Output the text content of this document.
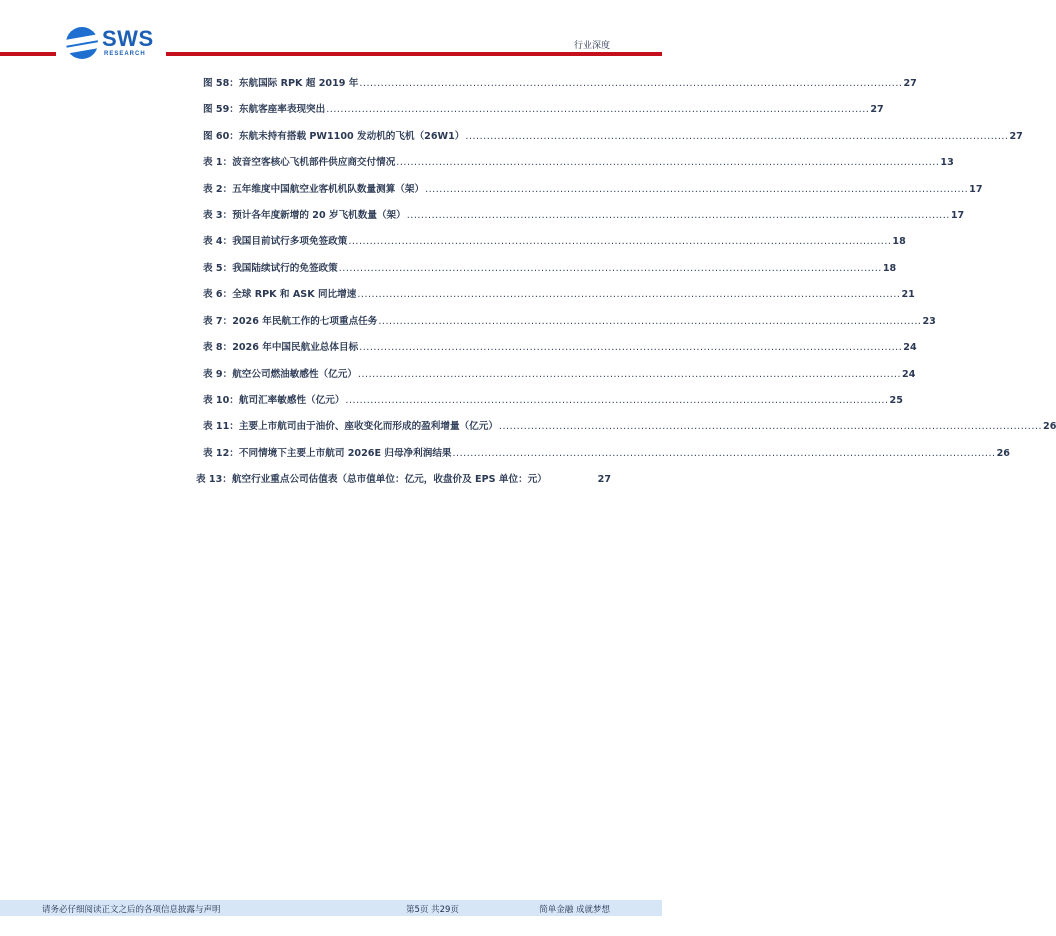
SWS
RESEARCH
行业深度
图 58：东航国际 RPK 超 2019 年 ......................................................................................................................................................... 27
图 59：东航客座率表现突出 ......................................................................................................................................................... 27
图 60：东航未持有搭载 PW1100 发动机的飞机（26W1） ......................................................................................................................................................... 27
表 1：波音空客核心飞机部件供应商交付情况 ......................................................................................................................................................... 13
表 2：五年维度中国航空业客机机队数量测算（架） ......................................................................................................................................................... 17
表 3：预计各年度新增的 20 岁飞机数量（架） ......................................................................................................................................................... 17
表 4：我国目前试行多项免签政策 ......................................................................................................................................................... 18
表 5：我国陆续试行的免签政策 ......................................................................................................................................................... 18
表 6：全球 RPK 和 ASK 同比增速 ......................................................................................................................................................... 21
表 7：2026 年民航工作的七项重点任务 ......................................................................................................................................................... 23
表 8：2026 年中国民航业总体目标 ......................................................................................................................................................... 24
表 9：航空公司燃油敏感性（亿元） ......................................................................................................................................................... 24
表 10：航司汇率敏感性（亿元） ......................................................................................................................................................... 25
表 11：主要上市航司由于油价、座收变化而形成的盈利增量（亿元） ......................................................................................................................................................... 26
表 12：不同情境下主要上市航司 2026E 归母净利润结果 ......................................................................................................................................................... 26
表 13：航空行业重点公司估值表（总市值单位：亿元，收盘价及 EPS 单位：元）	27
请务必仔细阅读正文之后的各项信息披露与声明	第5页 共29页	简单金融 成就梦想
